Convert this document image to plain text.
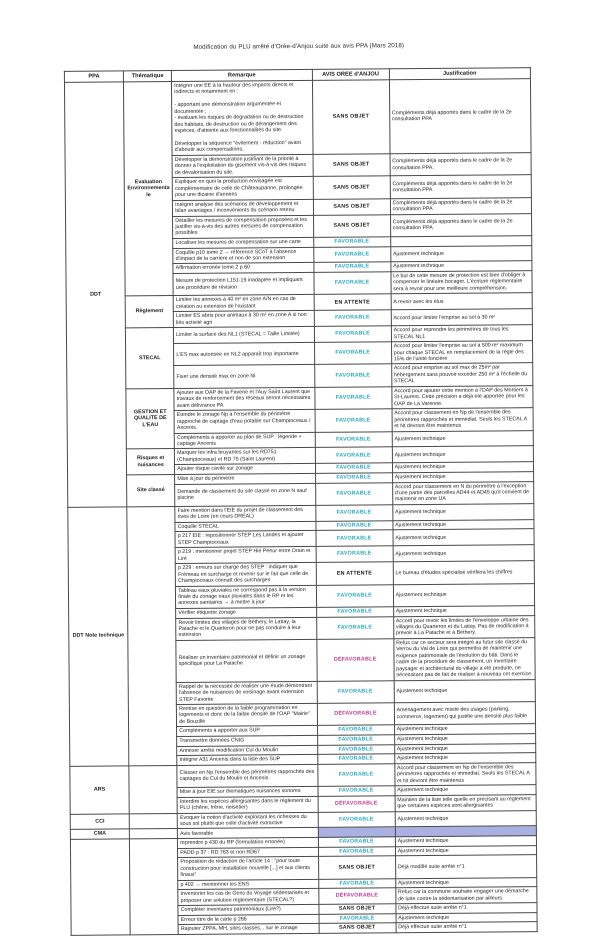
Modification du PLU arrêté d'Orée-d'Anjou suite aux avis PPA (Mars 2018)
PPA	Thématique	Remarque	AVIS OREE d'ANJOU	Justification
DDT	Evaluation Environnementale	Intégrer une EE à la hauteur des impacts directs et indirects et notamment en :

- apportant une démonstration argumentée et documentée ;
- évaluant les risques de dégradation ou de destruction des habitats, de destruction ou de dérangement des espèces, d'atteinte aux fonctionnalités du site.

Développer la séquence "évitement - réduction" avant d'aboutir aux compensations.	SANS OBJET	Compléments déjà apportés dans le cadre de la 2e consultation PPA
		Développer la démonstration justifiant de la priorité à donner à l'exploitation du gisement vis-à-vis des risques de dévalorisation du site.	SANS OBJET	Compléments déjà apportés dans le cadre de la 2e consultation PPA.
		Expliquer en quoi la production envisagée est complémentaire de celle de Châteaupanne, prolongée pour une dizaine d'années	SANS OBJET	Compléments déjà apportés dans le cadre de la 2e consultation PPA
		Intégrer analyse des scénarios de développement et bilan avantages / inconvénients du scénario retenu	SANS OBJET	Compléments déjà apportés dans le cadre de la 2e consultation PPA
		Détailler les mesures de compensation proposées et les justifier vis-à-vis des autres mesures de compensation possibles	SANS OBJET	Compléments déjà apportés dans le cadre de la 2e consultation PPA
		Localiser les mesures de compensation sur une carte	FAVORABLE	
		Coquille p10 tome 2 → référence SCoT à l'absence d'impact de la carrière et non de son extension	FAVORABLE	Ajustement technique
		Affirmation erronée tome 2 p 60	FAVORABLE	Ajustement technique
		Mesure de protection L151-19 inadaptée et impliquant une procédure de révision	FAVORABLE	Le but de cette mesure de protection est bien d'obliger à compenser le linéaire bocager. L'écriture réglementaire sera à revoir pour une meilleure compréhension.
	Règlement	Limiter les annexes à 40 m² en zone A/N en cas de création ou extension de l'existant	EN ATTENTE	A revoir avec les élus
		Limiter ES abris pour animaux à 30 m² en zone A si non liés activité agri	FAVORABLE	Accord pour limiter l'emprise au sol à 30 m²
	STECAL	Limiter la surface des NL1 (STECAL = Taille Limitée)	FAVORABLE	Accord pour reprendre les périmètres de tous les STECAL NL1
		L'ES max autorisée en NL2 apparaît trop importante	FAVORABLE	Accord pour limiter l'emprise au sol à 500 m² maximum pour chaque STECAL en remplacement de la règle des 15% de l'unité foncière
		Fixer une densité max en zone Nl	FAVORABLE	Accord pour emprise au sol max de 25m² par hébergement sans pouvoir excéder 250 m² à l'échelle du STECAL
	GESTION ET QUALITE DE L'EAU	Ajouter aux OAP de la Faverie et l'Auy Saint Laurent que travaux de renforcement des réseaux seront nécessaires avant délivrance PA	FAVORABLE	Accord pour ajouter cette mention à l'OAP des Mortiers à St-Laurent. Cette précision a déjà été apportée pour les OAP de La Varenne.
		Etendre le zonage Np à l'ensemble du périmètre rapproché de captage d'eau potable sur Champtoceaux / Ancenis.	FAVORABLE	Accord pour classement en Np de l'ensemble des périmètres rapprochés et immédiat. Seuls les STECAL A et Nt devront être maintenus
		Compléments à apporter au plan de SUP : légende + captage Ancenis	FAVORABLE	Ajustement technique
	Risques et nuisances	Marquer les infra bruyantes sur les RD751 (Champtoceaux) et RD 75 (Saint Laurent)	FAVORABLE	Ajustement technique
		Ajouter risque cavité sur zonage	FAVORABLE	Ajustement technique
	Site classé	Mise à jour du périmètre	FAVORABLE	Ajustement technique
		Demande de classement du site classé en zone N sauf piscine	FAVORABLE	Accord pour classement en N du périmètre à l'exception d'une partie des parcelles AD44 et AD45 qu'il convient de maintenir en zone UA
DDT Note technique		Faire mention dans l'EIE du projet de classement des rives de Loire (en cours DREAL)	FAVORABLE	Ajustement technique
		Coquille STECAL	FAVORABLE	Ajustement technique
		p 217 EIE : repositionner STEP Les Landes et ajouter STEP Champtoceaux	FAVORABLE	Ajustement technique
		p 219 : mentionner projet STEP Hié Péeur entre Drain et Liré	FAVORABLE	Ajustement technique
		p 229 : erreurs sur charge des STEP : indiquer que Frémeau en surcharge et revenir sur le fait que celle de Champtoceaux connaît des surcharges	EN ATTENTE	Le bureau d'études spécialisé vérifiera les chiffres
		Tableau eaux pluviales ne correspond pas à la version finale du zonage eaux pluviales dans le RP et les annexes sanitaires → à mettre à jour	FAVORABLE	Ajustement technique
		Vérifier étiquette zonage	FAVORABLE	Ajustement technique
		Revoir limites des villages de Béthery, le Lattay, la Patache et le Quarteron pour ne pas conduire à leur extension	FAVORABLE	Accord pour revoir les limites de l'enveloppe urbaine des villages du Quarteron et du Lattay. Pas de modification à prévoir à La Patache et à Béthery.
		Réaliser un inventaire patrimonial et définir un zonage spécifique pour La Patache	DÉFAVORABLE	Refus car ce secteur sera intégré au futur site classé du Verrou du Val de Loire qui permettra de maintenir une exigence patrimoniale de l'évolution du bâti. Dans le cadre de la procédure de classement, un inventaire paysager et architectural du village a été produite, ne nécessitant pas de fait de réaliser à nouveau cet exercice
		Rappel de la nécessité de réaliser une étude démontrant l'absence de nuisances de voisinage avant extension STEP Favorite	FAVORABLE	Ajustement technique
		Remise en question de la faible programmation en logements et donc de la faible densité de l'OAP "Mairie" de Bouzillé	DÉFAVORABLE	Aménagement avec mixité des usages (parking, commerce, logement) qui justifie une densité plus faible
		Compléments à apporter aux SUP	FAVORABLE	Ajustement technique
		Transmettre données CNIG	FAVORABLE	Ajustement technique
		Annexer arrêté modification Cul du Moulin	FAVORABLE	Ajustement technique
		Intégrer A31 Ancenis dans la liste des SUP	FAVORABLE	Ajustement technique
ARS		Classer en Np l'ensemble des périmètres rapprochés des captages du Cul du Moulin et Ancenis	FAVORABLE	Accord pour classement en Np de l'ensemble des périmètres rapprochés et immédiat. Seuls les STECAL A et Nt devront être maintenus
		Mise à jour EIE sur thématiques nuisances sonores	FAVORABLE	Ajustement technique
		Interdire les espèces allergisantes dans le règlement du PLU (chêne, frêne, noisetier)	DÉFAVORABLE	Maintien de la liste telle quelle en précisant au règlement que certaines espèces sont allergisantes
CCI		Evoquer la notion d'activité exploitant les richesses du sous sol plutôt que celle d'activité extractive	FAVORABLE	Ajustement technique
CMA		Avis favorable		
		reprendre p 430 du RP (formulation erronée)	FAVORABLE	Ajustement technique
		PADD p 37 : RD 763 et non RD67	FAVORABLE	Ajustement technique
		Proposition de rédaction de l'article 14 : "pour toute construction pour installation nouvelle [...] et aux clients finaux"	SANS OBJET	Déjà modifié suite arrêté n°1
		p 402 → mentionner les ENS	FAVORABLE	Ajustement technique
		Inventorier les cas de Gens du Voyage sédentarisés et proposer une solution réglementaire (STECAL?)	DÉFAVORABLE	Refus car la commune souhaite engager une démarche de lutte contre la sédentarisation par ailleurs
		Compléter inventaires patrimoniaux (Liré?)	SANS OBJET	Déjà effectué suite arrêté n°1
		Erreur titre de la carte p 266	FAVORABLE	Ajustement technique
		Rajouter ZPPA, MH, sites classés... sur le zonage	SANS OBJET	Déjà effectué suite arrêté n°1
